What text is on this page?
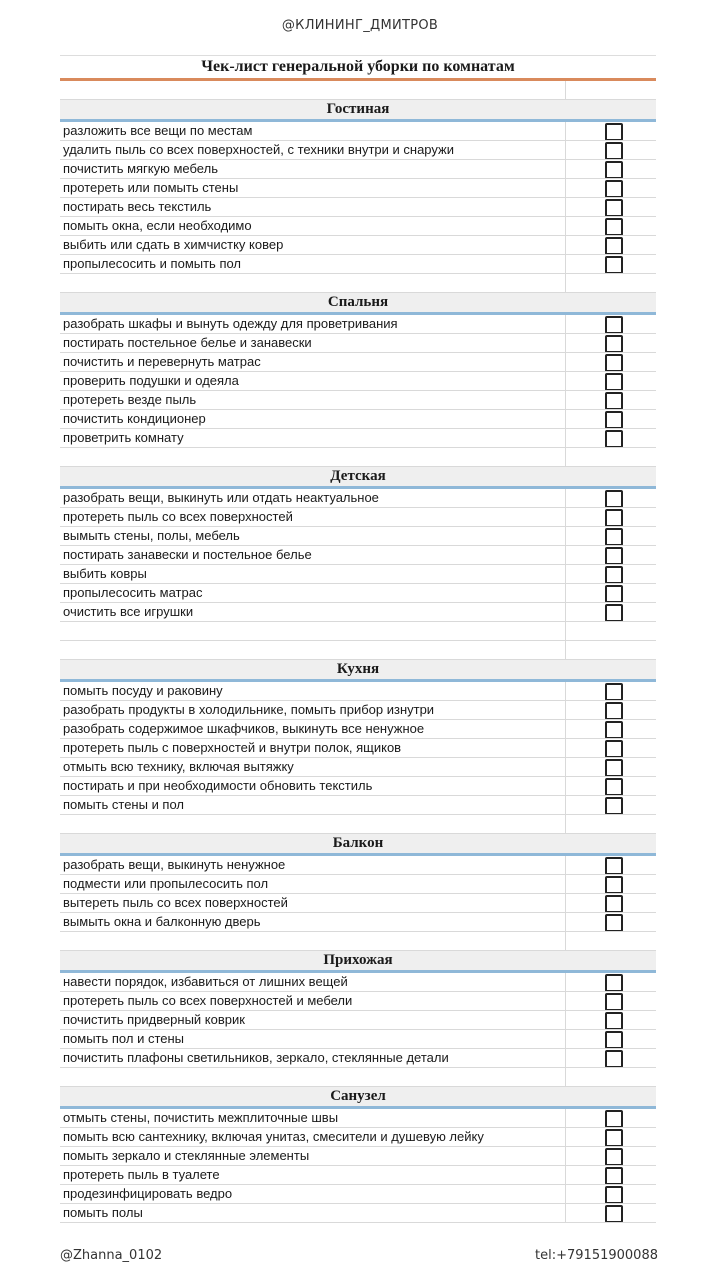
@КЛИНИНГ_ДМИТРОВ
Чек-лист генеральной уборки по комнатам
Гостиная
разложить все вещи по местам
удалить пыль со всех поверхностей, с техники внутри и снаружи
почистить мягкую мебель
протереть или помыть стены
постирать весь текстиль
помыть окна, если необходимо
выбить или сдать в химчистку ковер
пропылесосить и помыть пол
Спальня
разобрать шкафы и вынуть одежду для проветривания
постирать постельное белье и занавески
почистить и перевернуть матрас
проверить подушки и одеяла
протереть везде пыль
почистить кондиционер
проветрить комнату
Детская
разобрать вещи, выкинуть или отдать неактуальное
протереть пыль со всех поверхностей
вымыть стены, полы, мебель
постирать занавески и постельное белье
выбить ковры
пропылесосить матрас
очистить все игрушки
Кухня
помыть посуду и раковину
разобрать продукты в холодильнике, помыть прибор изнутри
разобрать содержимое шкафчиков, выкинуть все ненужное
протереть пыль с поверхностей и внутри полок, ящиков
отмыть всю технику, включая вытяжку
постирать и при необходимости обновить текстиль
помыть стены и пол
Балкон
разобрать вещи, выкинуть ненужное
подмести или пропылесосить пол
вытереть пыль со всех поверхностей
вымыть окна и балконную дверь
Прихожая
навести порядок, избавиться от лишних вещей
протереть пыль со всех поверхностей и мебели
почистить придверный коврик
помыть пол и стены
почистить плафоны светильников, зеркало, стеклянные детали
Санузел
отмыть стены, почистить межплиточные швы
помыть всю сантехнику, включая унитаз, смесители и душевую лейку
помыть зеркало и стеклянные элементы
протереть пыль в туалете
продезинфицировать ведро
помыть полы
@Zhanna_0102	tel:+79151900088
